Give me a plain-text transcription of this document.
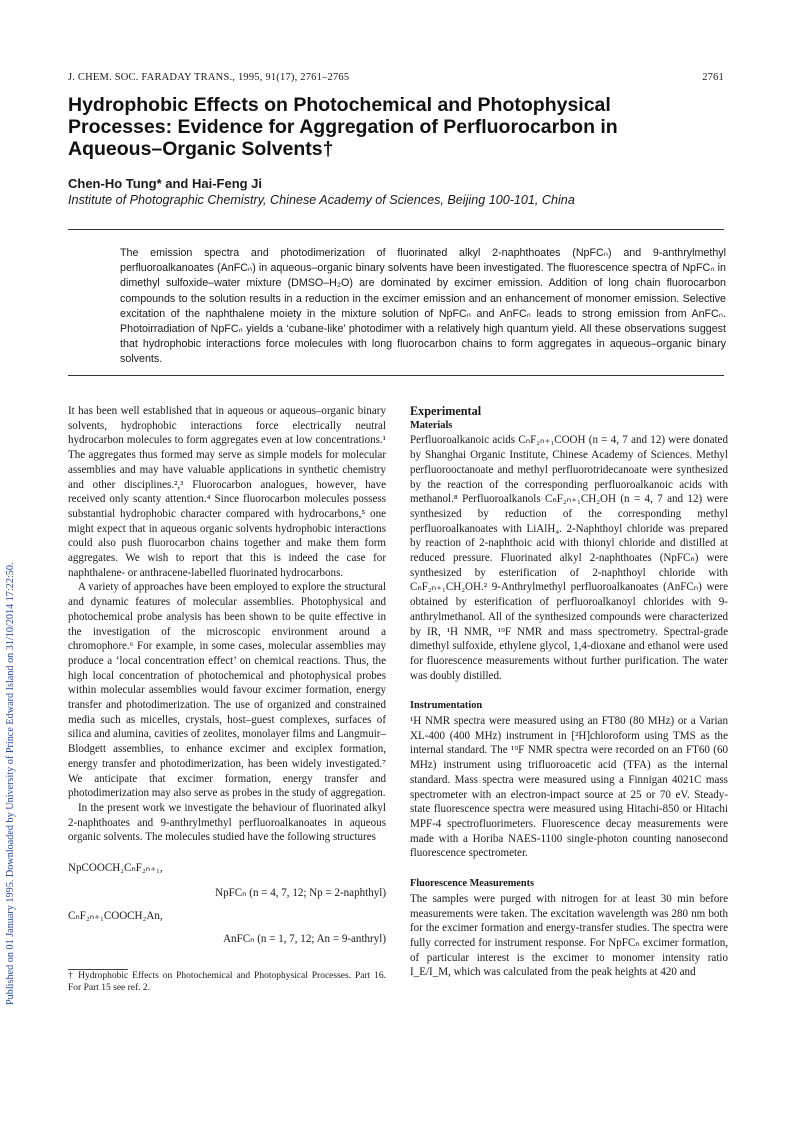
Published on 01 January 1995. Downloaded by University of Prince Edward Island on 31/10/2014 17:22:50.
J. CHEM. SOC. FARADAY TRANS., 1995, 91(17), 2761–2765	2761
Hydrophobic Effects on Photochemical and Photophysical Processes: Evidence for Aggregation of Perfluorocarbon in Aqueous–Organic Solvents†
Chen-Ho Tung* and Hai-Feng Ji
Institute of Photographic Chemistry, Chinese Academy of Sciences, Beijing 100-101, China
The emission spectra and photodimerization of fluorinated alkyl 2-naphthoates (NpFCₙ) and 9-anthrylmethyl perfluoroalkanoates (AnFCₙ) in aqueous–organic binary solvents have been investigated. The fluorescence spectra of NpFCₙ in dimethyl sulfoxide–water mixture (DMSO–H₂O) are dominated by excimer emission. Addition of long chain fluorocarbon compounds to the solution results in a reduction in the excimer emission and an enhancement of monomer emission. Selective excitation of the naphthalene moiety in the mixture solution of NpFCₙ and AnFCₙ leads to strong emission from AnFCₙ. Photoirradiation of NpFCₙ yields a ‘cubane-like’ photodimer with a relatively high quantum yield. All these observations suggest that hydrophobic interactions force molecules with long fluorocarbon chains to form aggregates in aqueous–organic binary solvents.

It has been well established that in aqueous or aqueous–organic binary solvents, hydrophobic interactions force electrically neutral hydrocarbon molecules to form aggregates even at low concentrations.¹ The aggregates thus formed may serve as simple models for molecular assemblies and may have valuable applications in synthetic chemistry and other disciplines.²,³ Fluorocarbon analogues, however, have received only scanty attention.⁴ Since fluorocarbon molecules possess substantial hydrophobic character compared with hydrocarbons,⁵ one might expect that in aqueous organic solvents hydrophobic interactions could also push fluorocarbon chains together and make them form aggregates. We wish to report that this is indeed the case for naphthalene- or anthracene-labelled fluorinated hydrocarbons.

A variety of approaches have been employed to explore the structural and dynamic features of molecular assemblies. Photophysical and photochemical probe analysis has been shown to be quite effective in the investigation of the microscopic environment around a chromophore.⁶ For example, in some cases, molecular assemblies may produce a ‘local concentration effect’ on chemical reactions. Thus, the high local concentration of photochemical and photophysical probes within molecular assemblies would favour excimer formation, energy transfer and photodimerization. The use of organized and constrained media such as micelles, crystals, host–guest complexes, surfaces of silica and alumina, cavities of zeolites, monolayer films and Langmuir–Blodgett assemblies, to enhance excimer and exciplex formation, energy transfer and photodimerization, has been widely investigated.⁷ We anticipate that excimer formation, energy transfer and photodimerization may also serve as probes in the study of aggregation.

In the present work we investigate the behaviour of fluorinated alkyl 2-naphthoates and 9-anthrylmethyl perfluoroalkanoates in aqueous organic solvents. The molecules studied have the following structures

NpCOOCH₂CₙF₂ₙ₊₁,

NpFCₙ (n = 4, 7, 12; Np = 2-naphthyl)

CₙF₂ₙ₊₁COOCH₂An,

AnFCₙ (n = 1, 7, 12; An = 9-anthryl)

† Hydrophobic Effects on Photochemical and Photophysical Processes. Part 16. For Part 15 see ref. 2.

Experimental

Materials

Perfluoroalkanoic acids CₙF₂ₙ₊₁COOH (n = 4, 7 and 12) were donated by Shanghai Organic Institute, Chinese Academy of Sciences. Methyl perfluorooctanoate and methyl perfluorotridecanoate were synthesized by the reaction of the corresponding perfluoroalkanoic acids with methanol.⁸ Perfluoroalkanols CₙF₂ₙ₊₁CH₂OH (n = 4, 7 and 12) were synthesized by reduction of the corresponding methyl perfluoroalkanoates with LiAlH₄. 2-Naphthoyl chloride was prepared by reaction of 2-naphthoic acid with thionyl chloride and distilled at reduced pressure. Fluorinated alkyl 2-naphthoates (NpFCₙ) were synthesized by esterification of 2-naphthoyl chloride with CₙF₂ₙ₊₁CH₂OH.² 9-Anthrylmethyl perfluoroalkanoates (AnFCₙ) were obtained by esterification of perfluoroalkanoyl chlorides with 9-anthrylmethanol. All of the synthesized compounds were characterized by IR, ¹H NMR, ¹⁹F NMR and mass spectrometry. Spectral-grade dimethyl sulfoxide, ethylene glycol, 1,4-dioxane and ethanol were used for fluorescence measurements without further purification. The water was doubly distilled.

Instrumentation

¹H NMR spectra were measured using an FT80 (80 MHz) or a Varian XL-400 (400 MHz) instrument in [²H]chloroform using TMS as the internal standard. The ¹⁹F NMR spectra were recorded on an FT60 (60 MHz) instrument using trifluoroacetic acid (TFA) as the internal standard. Mass spectra were measured using a Finnigan 4021C mass spectrometer with an electron-impact source at 25 or 70 eV. Steady-state fluorescence spectra were measured using Hitachi-850 or Hitachi MPF-4 spectrofluorimeters. Fluorescence decay measurements were made with a Horiba NAES-1100 single-photon counting nanosecond fluorescence spectrometer.

Fluorescence Measurements

The samples were purged with nitrogen for at least 30 min before measurements were taken. The excitation wavelength was 280 nm both for the excimer formation and energy-transfer studies. The spectra were fully corrected for instrument response. For NpFCₙ excimer formation, of particular interest is the excimer to monomer intensity ratio I_E/I_M, which was calculated from the peak heights at 420 and
